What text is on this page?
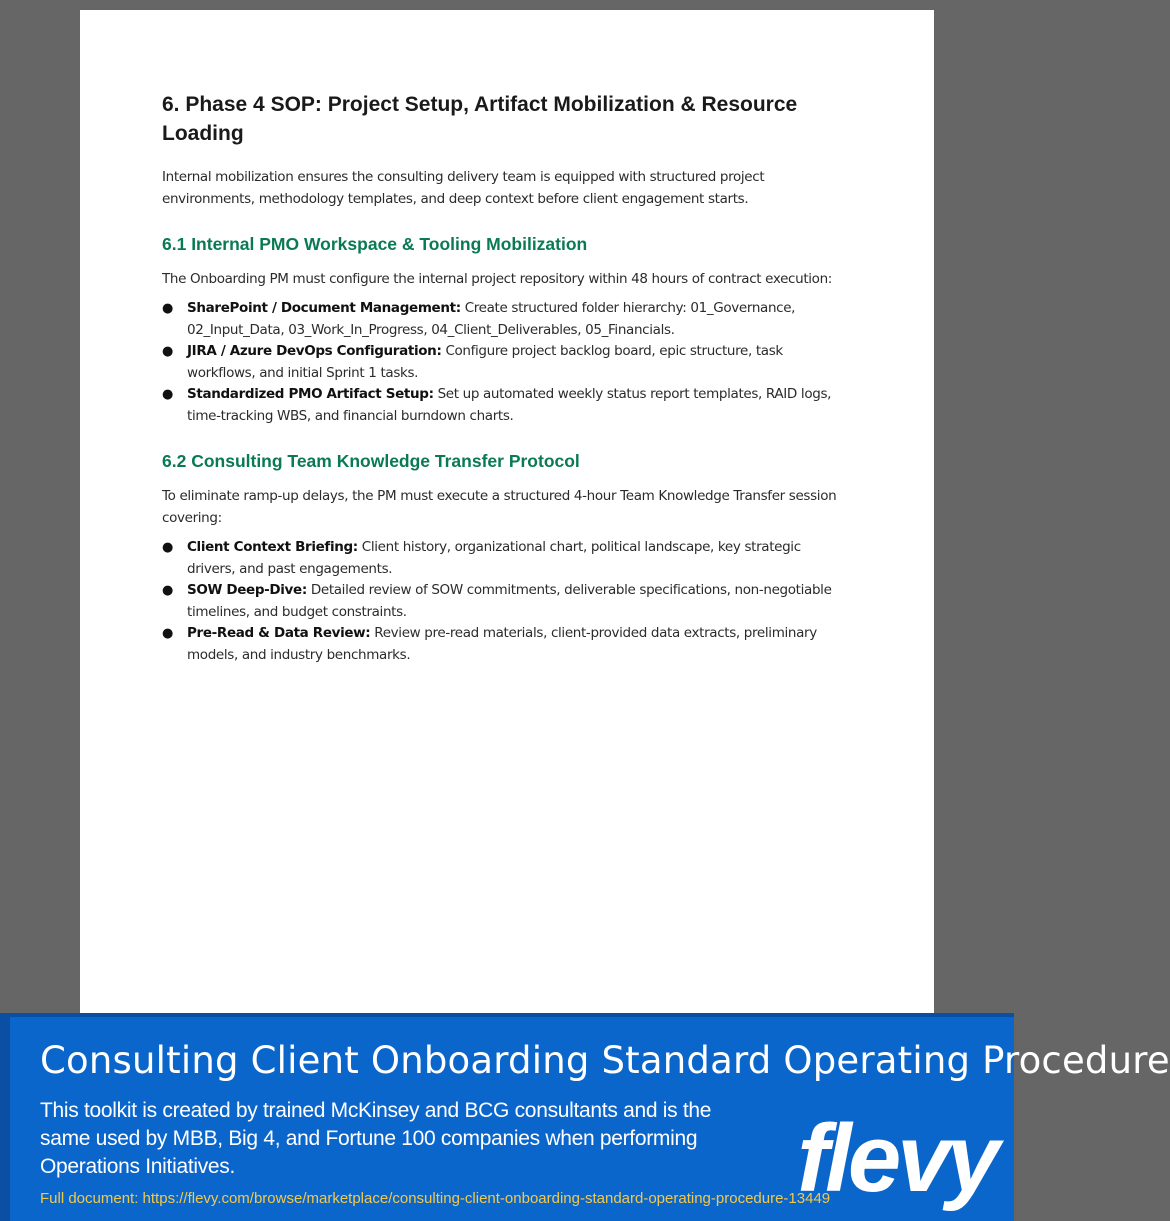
6. Phase 4 SOP: Project Setup, Artifact Mobilization & Resource Loading

Internal mobilization ensures the consulting delivery team is equipped with structured project environments, methodology templates, and deep context before client engagement starts.

6.1 Internal PMO Workspace & Tooling Mobilization

The Onboarding PM must configure the internal project repository within 48 hours of contract execution:

● SharePoint / Document Management: Create structured folder hierarchy: 01_Governance, 02_Input_Data, 03_Work_In_Progress, 04_Client_Deliverables, 05_Financials.
● JIRA / Azure DevOps Configuration: Configure project backlog board, epic structure, task workflows, and initial Sprint 1 tasks.
● Standardized PMO Artifact Setup: Set up automated weekly status report templates, RAID logs, time-tracking WBS, and financial burndown charts.
6.2 Consulting Team Knowledge Transfer Protocol

To eliminate ramp-up delays, the PM must execute a structured 4-hour Team Knowledge Transfer session covering:

● Client Context Briefing: Client history, organizational chart, political landscape, key strategic drivers, and past engagements.
● SOW Deep-Dive: Detailed review of SOW commitments, deliverable specifications, non-negotiable timelines, and budget constraints.
● Pre-Read & Data Review: Review pre-read materials, client-provided data extracts, preliminary models, and industry benchmarks.
Consulting Client Onboarding Standard Operating Procedure
This toolkit is created by trained McKinsey and BCG consultants and is the same used by MBB, Big 4, and Fortune 100 companies when performing Operations Initiatives.
Full document: https://flevy.com/browse/marketplace/consulting-client-onboarding-standard-operating-procedure-13449
flevy
